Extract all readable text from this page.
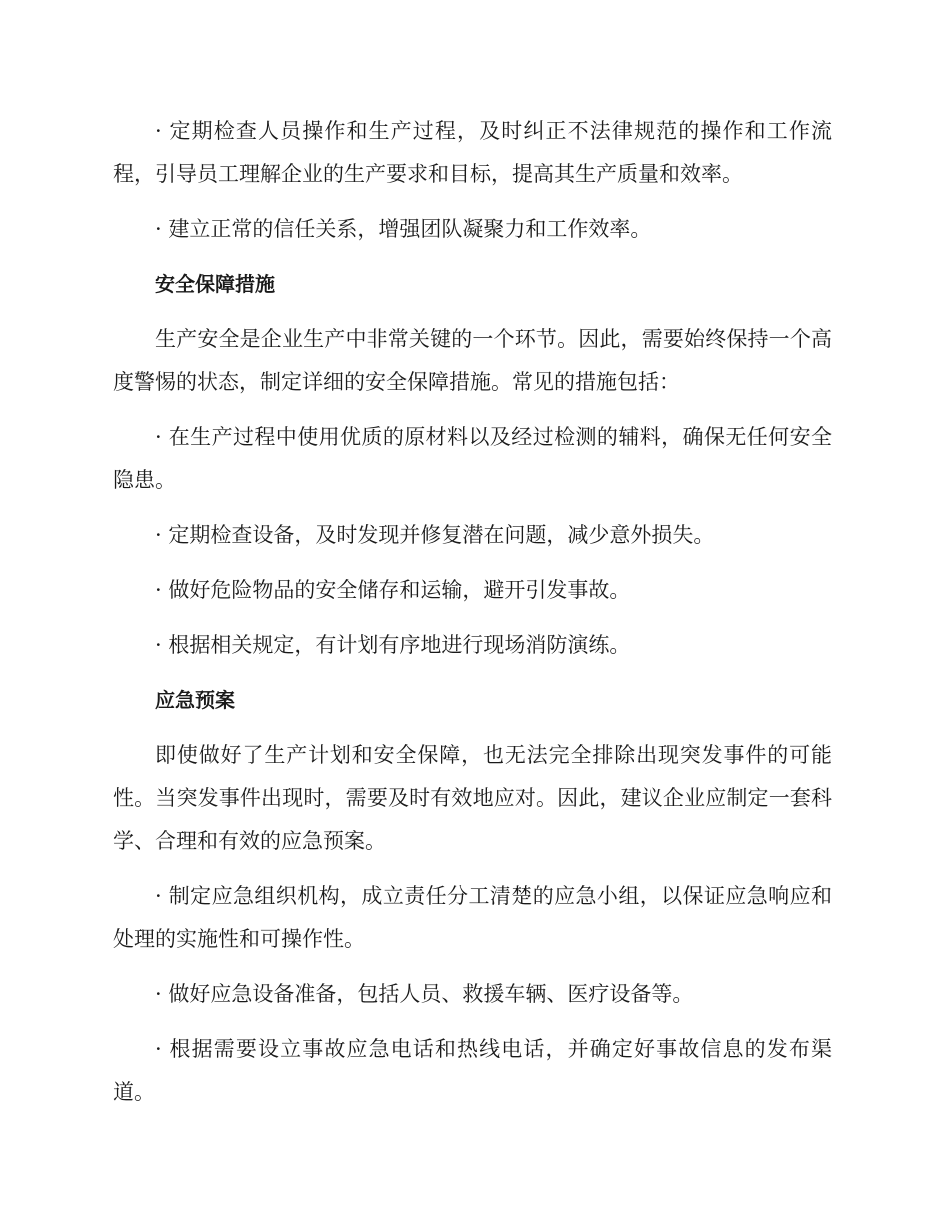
· 定期检查人员操作和生产过程，及时纠正不法律规范的操作和工作流程，引导员工理解企业的生产要求和目标，提高其生产质量和效率。

· 建立正常的信任关系，增强团队凝聚力和工作效率。

安全保障措施

生产安全是企业生产中非常关键的一个环节。因此，需要始终保持一个高度警惕的状态，制定详细的安全保障措施。常见的措施包括：

· 在生产过程中使用优质的原材料以及经过检测的辅料，确保无任何安全隐患。

· 定期检查设备，及时发现并修复潜在问题，减少意外损失。

· 做好危险物品的安全储存和运输，避开引发事故。

· 根据相关规定，有计划有序地进行现场消防演练。

应急预案

即使做好了生产计划和安全保障，也无法完全排除出现突发事件的可能性。当突发事件出现时，需要及时有效地应对。因此，建议企业应制定一套科学、合理和有效的应急预案。

· 制定应急组织机构，成立责任分工清楚的应急小组，以保证应急响应和处理的实施性和可操作性。

· 做好应急设备准备，包括人员、救援车辆、医疗设备等。

· 根据需要设立事故应急电话和热线电话，并确定好事故信息的发布渠道。
